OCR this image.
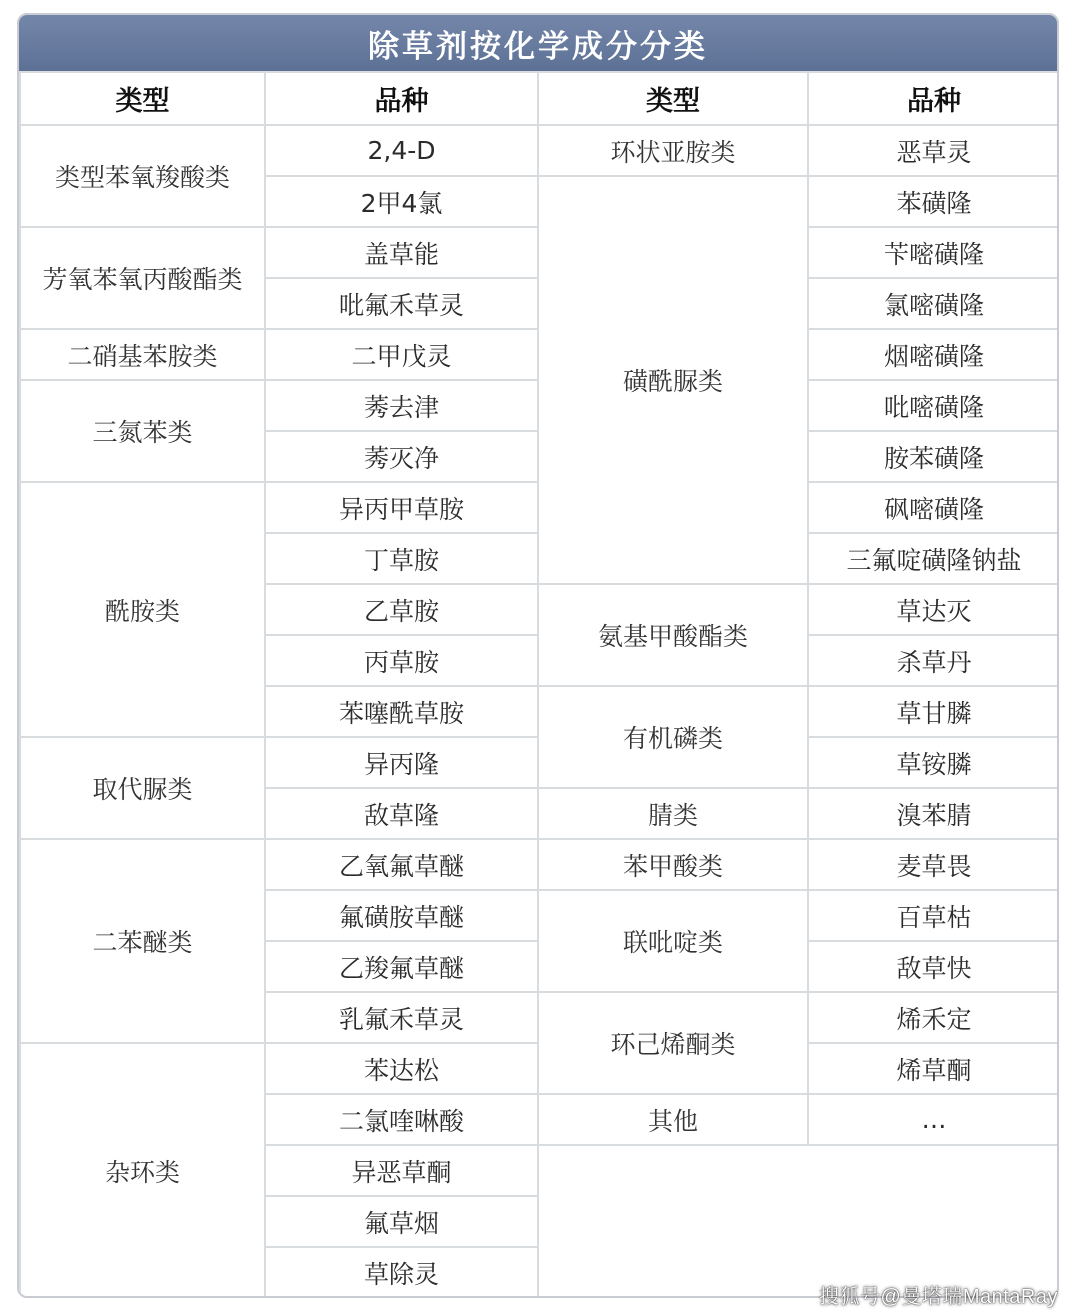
除草剂按化学成分分类
类型	品种	类型	品种
类型苯氧羧酸类	2,4-D	环状亚胺类	恶草灵
	2甲4氯	磺酰脲类	苯磺隆
芳氧苯氧丙酸酯类	盖草能		苄嘧磺隆
	吡氟禾草灵		氯嘧磺隆
二硝基苯胺类	二甲戊灵		烟嘧磺隆
三氮苯类	莠去津		吡嘧磺隆
	莠灭净		胺苯磺隆
酰胺类	异丙甲草胺		砜嘧磺隆
	丁草胺		三氟啶磺隆钠盐
	乙草胺	氨基甲酸酯类	草达灭
	丙草胺		杀草丹
	苯噻酰草胺	有机磷类	草甘膦
取代脲类	异丙隆		草铵膦
	敌草隆	腈类	溴苯腈
二苯醚类	乙氧氟草醚	苯甲酸类	麦草畏
	氟磺胺草醚	联吡啶类	百草枯
	乙羧氟草醚		敌草快
	乳氟禾草灵	环己烯酮类	烯禾定
杂环类	苯达松		烯草酮
	二氯喹啉酸	其他	…
	异恶草酮		
	氟草烟		
	草除灵		
搜狐号@曼塔瑞MantaRay
